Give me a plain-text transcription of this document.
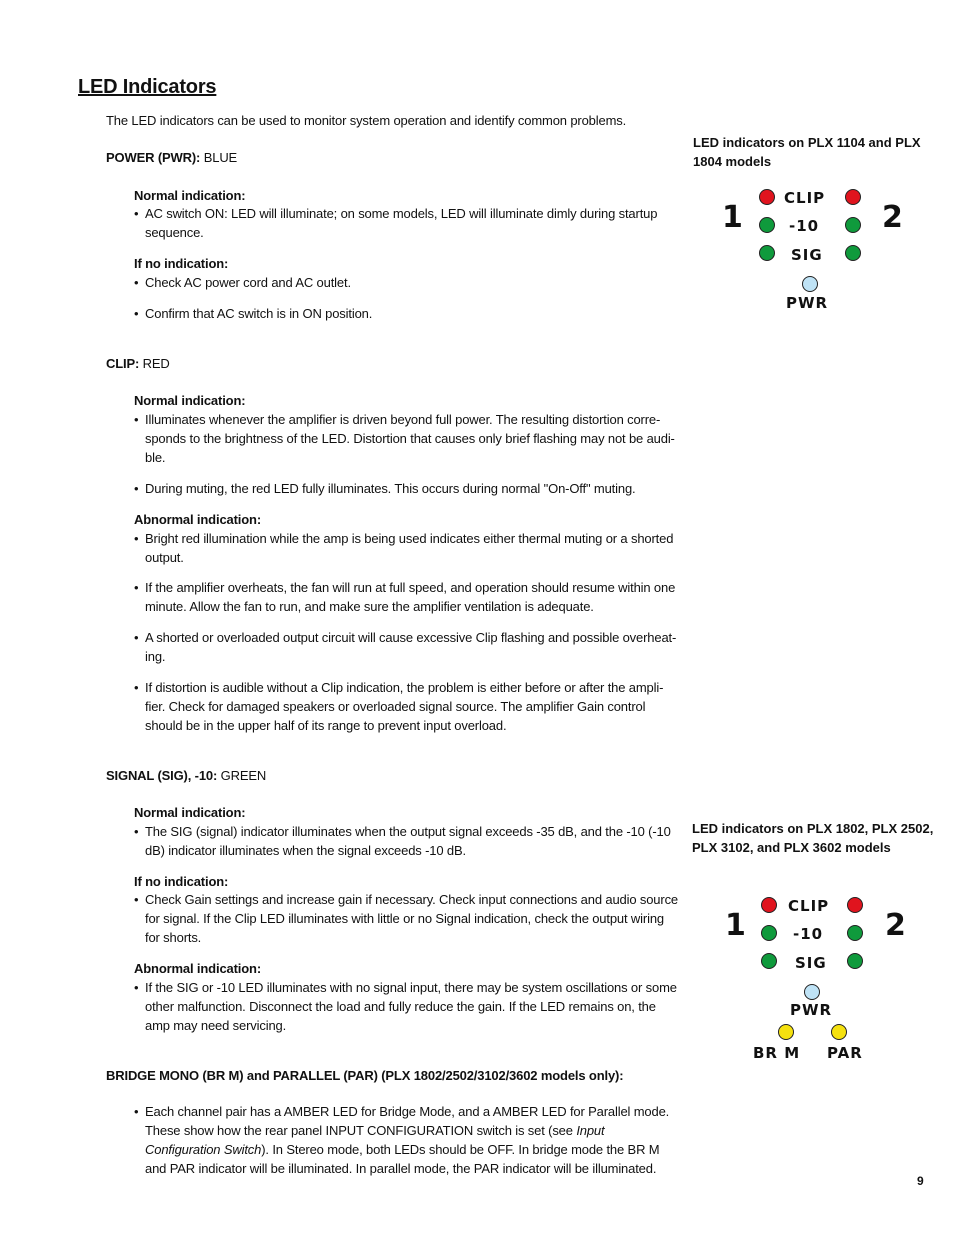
LED Indicators
The LED indicators can be used to monitor system operation and identify common problems.
POWER (PWR): BLUE
Normal indication:
• AC switch ON: LED will illuminate; on some models, LED will illuminate dimly during startup sequence.
If no indication:
• Check AC power cord and AC outlet.
• Confirm that AC switch is in ON position.
CLIP: RED
Normal indication:
• Illuminates whenever the amplifier is driven beyond full power. The resulting distortion corre-sponds to the brightness of the LED. Distortion that causes only brief flashing may not be audi-ble.
• During muting, the red LED fully illuminates. This occurs during normal "On-Off" muting.
Abnormal indication:
• Bright red illumination while the amp is being used indicates either thermal muting or a shorted output.
• If the amplifier overheats, the fan will run at full speed, and operation should resume within one minute. Allow the fan to run, and make sure the amplifier ventilation is adequate.
• A shorted or overloaded output circuit will cause excessive Clip flashing and possible overheat-ing.
• If distortion is audible without a Clip indication, the problem is either before or after the ampli-fier. Check for damaged speakers or overloaded signal source. The amplifier Gain control should be in the upper half of its range to prevent input overload.
SIGNAL (SIG), -10: GREEN
Normal indication:
• The SIG (signal) indicator illuminates when the output signal exceeds -35 dB, and the -10 (-10 dB) indicator illuminates when the signal exceeds -10 dB.
If no indication:
• Check Gain settings and increase gain if necessary. Check input connections and audio source for signal. If the Clip LED illuminates with little or no Signal indication, check the output wiring for shorts.
Abnormal indication:
• If the SIG or -10 LED illuminates with no signal input, there may be system oscillations or some other malfunction. Disconnect the load and fully reduce the gain. If the LED remains on, the amp may need servicing.
BRIDGE MONO (BR M) and PARALLEL (PAR) (PLX 1802/2502/3102/3602 models only):
• Each channel pair has a AMBER LED for Bridge Mode, and a AMBER LED for Parallel mode. These show how the rear panel INPUT CONFIGURATION switch is set (see Input Configuration Switch). In Stereo mode, both LEDs should be OFF. In bridge mode the BR M and PAR indicator will be illuminated. In parallel mode, the PAR indicator will be illuminated.
LED indicators on PLX 1104 and PLX
1804 models
1	2
CLIP
-10
SIG
PWR
LED indicators on PLX 1802, PLX 2502,
PLX 3102, and PLX 3602 models
1	2
CLIP
-10
SIG
PWR
BR M PAR
9
